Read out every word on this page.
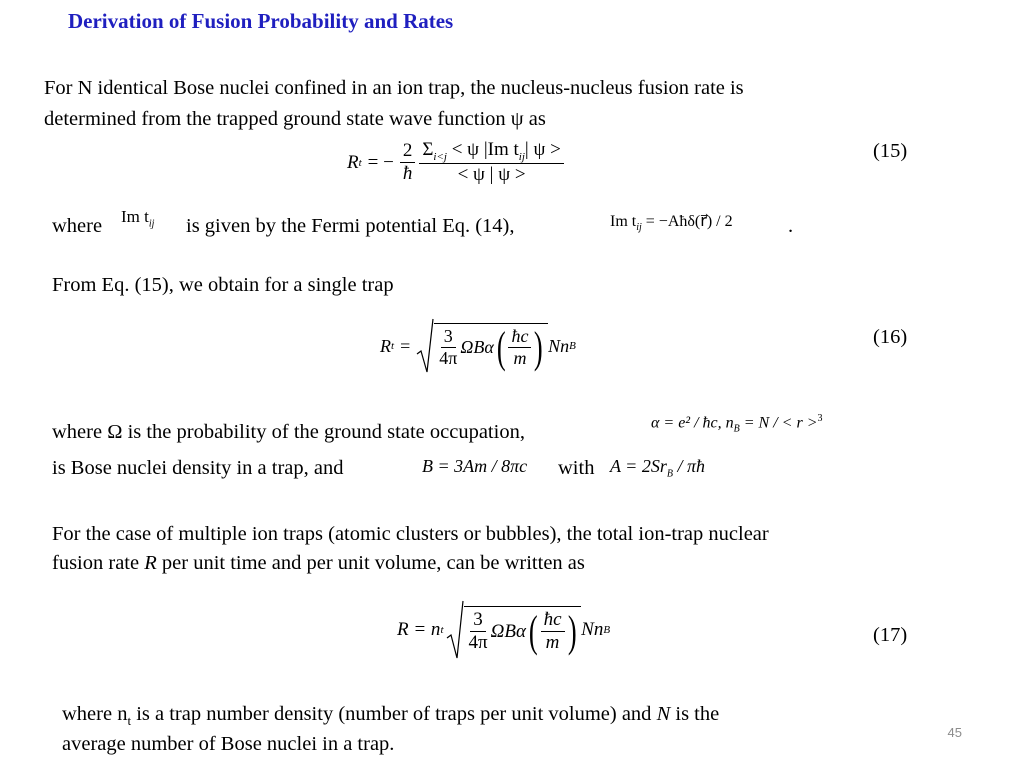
Derivation of Fusion Probability and Rates
For N identical Bose nuclei confined in an ion trap, the nucleus-nucleus fusion rate is
determined from the trapped ground state wave function ψ as
R t = − $\frac{2}{ħ} \frac{\Sigma_{i<j} < \psi |Im t_{ij}| \psi >}{< \psi | \psi >}$	(15)
where Im $t_{ij}$ is given by the Fermi potential Eq. (14),	Im $t_{ij}$ = −Aħδ(r⃗) / 2	.
From Eq. (15), we obtain for a single trap
R $t = \frac{3}{4\pi}$ ΩBα ( $\frac{ħc}{m}$ ) Nn B	(16)
where Ω is the probability of the ground state occupation,	α = e² / ħc, $n_B = N$ / < r >$^3$
is Bose nuclei density in a trap, and	B = 3Am / 8πc with $A = 2Sr_B$ / πħ
For the case of multiple ion traps (atomic clusters or bubbles), the total ion-trap nuclear
fusion rate R per unit time and per unit volume, can be written as
R = n t $\frac{3}{4\pi}$ ΩBα ( $\frac{ħc}{m}$ ) Nn B	(17)
where $n_t$ is a trap number density (number of traps per unit volume) and N is the
average number of Bose nuclei in a trap.
45
